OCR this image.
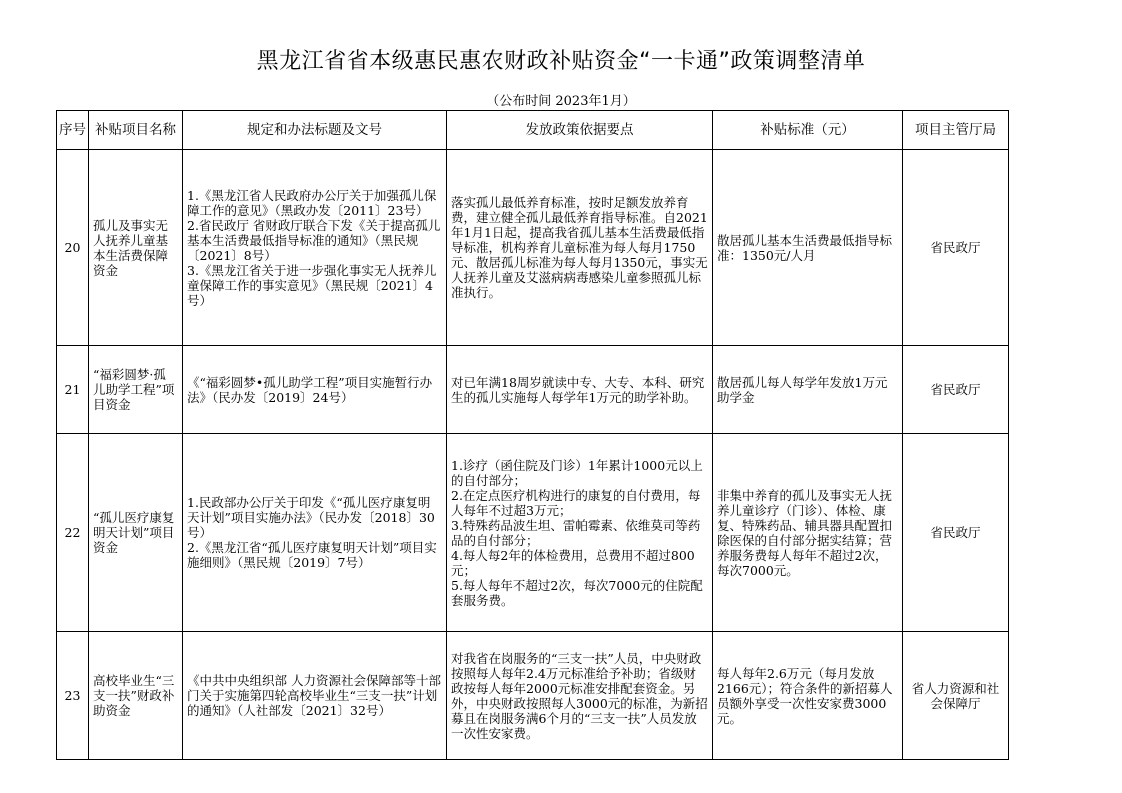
黑龙江省省本级惠民惠农财政补贴资金“一卡通”政策调整清单
（公布时间 2023年1月）
序号	补贴项目名称	规定和办法标题及文号	发放政策依据要点	补贴标准（元）	项目主管厅局
20	孤儿及事实无人抚养儿童基本生活费保障资金	1.《黑龙江省人民政府办公厅关于加强孤儿保障工作的意见》（黑政办发〔2011〕23号）
2.省民政厅 省财政厅联合下发《关于提高孤儿基本生活费最低指导标准的通知》（黑民规〔2021〕8号）
3.《黑龙江省关于进一步强化事实无人抚养儿童保障工作的事实意见》（黑民规〔2021〕4号）	落实孤儿最低养育标准，按时足额发放养育费，建立健全孤儿最低养育指导标准。自2021年1月1日起，提高我省孤儿基本生活费最低指导标准，机构养育儿童标准为每人每月1750元、散居孤儿标准为每人每月1350元，事实无人抚养儿童及艾滋病病毒感染儿童参照孤儿标准执行。	散居孤儿基本生活费最低指导标准：1350元/人月	省民政厅
21	“福彩圆梦·孤儿助学工程”项目资金	《“福彩圆梦•孤儿助学工程”项目实施暂行办法》（民办发〔2019〕24号）	对已年满18周岁就读中专、大专、本科、研究生的孤儿实施每人每学年1万元的助学补助。	散居孤儿每人每学年发放1万元助学金	省民政厅
22	“孤儿医疗康复明天计划”项目资金	1.民政部办公厅关于印发《“孤儿医疗康复明天计划”项目实施办法》（民办发〔2018〕30号）
2.《黑龙江省“孤儿医疗康复明天计划”项目实施细则》（黑民规〔2019〕7号）	1.诊疗（函住院及门诊）1年累计1000元以上的自付部分；
2.在定点医疗机构进行的康复的自付费用，每人每年不过超3万元；
3.特殊药品波生坦、雷帕霉素、依维莫司等药品的自付部分；
4.每人每2年的体检费用，总费用不超过800元；
5.每人每年不超过2次，每次7000元的住院配套服务费。	非集中养育的孤儿及事实无人抚养儿童诊疗（门诊）、体检、康复、特殊药品、辅具器具配置扣除医保的自付部分据实结算；营养服务费每人每年不超过2次，每次7000元。	省民政厅
23	高校毕业生“三支一扶”财政补助资金	《中共中央组织部 人力资源社会保障部等十部门关于实施第四轮高校毕业生“三支一扶”计划的通知》（人社部发〔2021〕32号）	对我省在岗服务的“三支一扶”人员，中央财政按照每人每年2.4万元标准给予补助；省级财政按每人每年2000元标准安排配套资金。另外，中央财政按照每人3000元的标准，为新招募且在岗服务满6个月的“三支一扶”人员发放一次性安家费。	每人每年2.6万元（每月发放2166元）；符合条件的新招募人员额外享受一次性安家费3000元。	省人力资源和社会保障厅
